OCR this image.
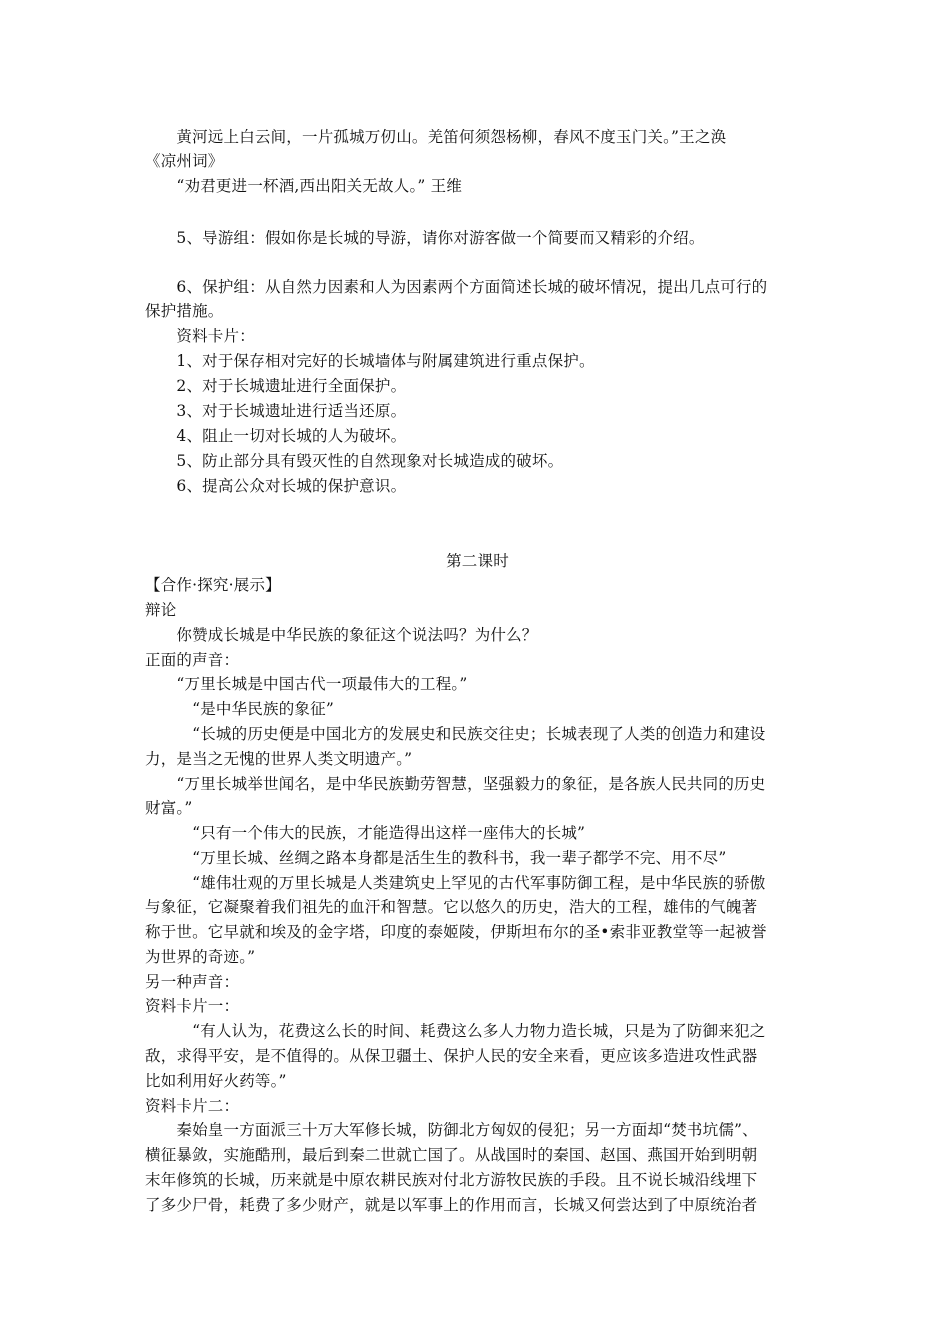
　　黄河远上白云间，一片孤城万仞山。羌笛何须怨杨柳，春风不度玉门关。”王之涣
《凉州词》
　　“劝君更进一杯酒,西出阳关无故人。” 王维
　　5、导游组：假如你是长城的导游，请你对游客做一个简要而又精彩的介绍。
　　6、保护组：从自然力因素和人为因素两个方面简述长城的破坏情况，提出几点可行的
保护措施。
　　资料卡片：
　　1、对于保存相对完好的长城墙体与附属建筑进行重点保护。
　　2、对于长城遗址进行全面保护。
　　3、对于长城遗址进行适当还原。
　　4、阻止一切对长城的人为破坏。
　　5、防止部分具有毁灭性的自然现象对长城造成的破坏。
　　6、提高公众对长城的保护意识。
第二课时
【合作·探究·展示】
辩论
　　你赞成长城是中华民族的象征这个说法吗？为什么？
正面的声音：
　　“万里长城是中国古代一项最伟大的工程。”
　　　“是中华民族的象征”
　　　“长城的历史便是中国北方的发展史和民族交往史；长城表现了人类的创造力和建设
力，是当之无愧的世界人类文明遗产。”
　　“万里长城举世闻名，是中华民族勤劳智慧，坚强毅力的象征，是各族人民共同的历史
财富。”
　　　“只有一个伟大的民族，才能造得出这样一座伟大的长城”
　　　“万里长城、丝绸之路本身都是活生生的教科书，我一辈子都学不完、用不尽”
　　　“雄伟壮观的万里长城是人类建筑史上罕见的古代军事防御工程，是中华民族的骄傲
与象征，它凝聚着我们祖先的血汗和智慧。它以悠久的历史，浩大的工程，雄伟的气魄著
称于世。它早就和埃及的金字塔，印度的泰姬陵，伊斯坦布尔的圣•索非亚教堂等一起被誉
为世界的奇迹。”
另一种声音：
资料卡片一：
　　　“有人认为，花费这么长的时间、耗费这么多人力物力造长城，只是为了防御来犯之
敌，求得平安，是不值得的。从保卫疆土、保护人民的安全来看，更应该多造进攻性武器
比如利用好火药等。”
资料卡片二：
　　秦始皇一方面派三十万大军修长城，防御北方匈奴的侵犯；另一方面却“焚书坑儒”、
横征暴敛，实施酷刑，最后到秦二世就亡国了。从战国时的秦国、赵国、燕国开始到明朝
末年修筑的长城，历来就是中原农耕民族对付北方游牧民族的手段。且不说长城沿线埋下
了多少尸骨，耗费了多少财产，就是以军事上的作用而言，长城又何尝达到了中原统治者
